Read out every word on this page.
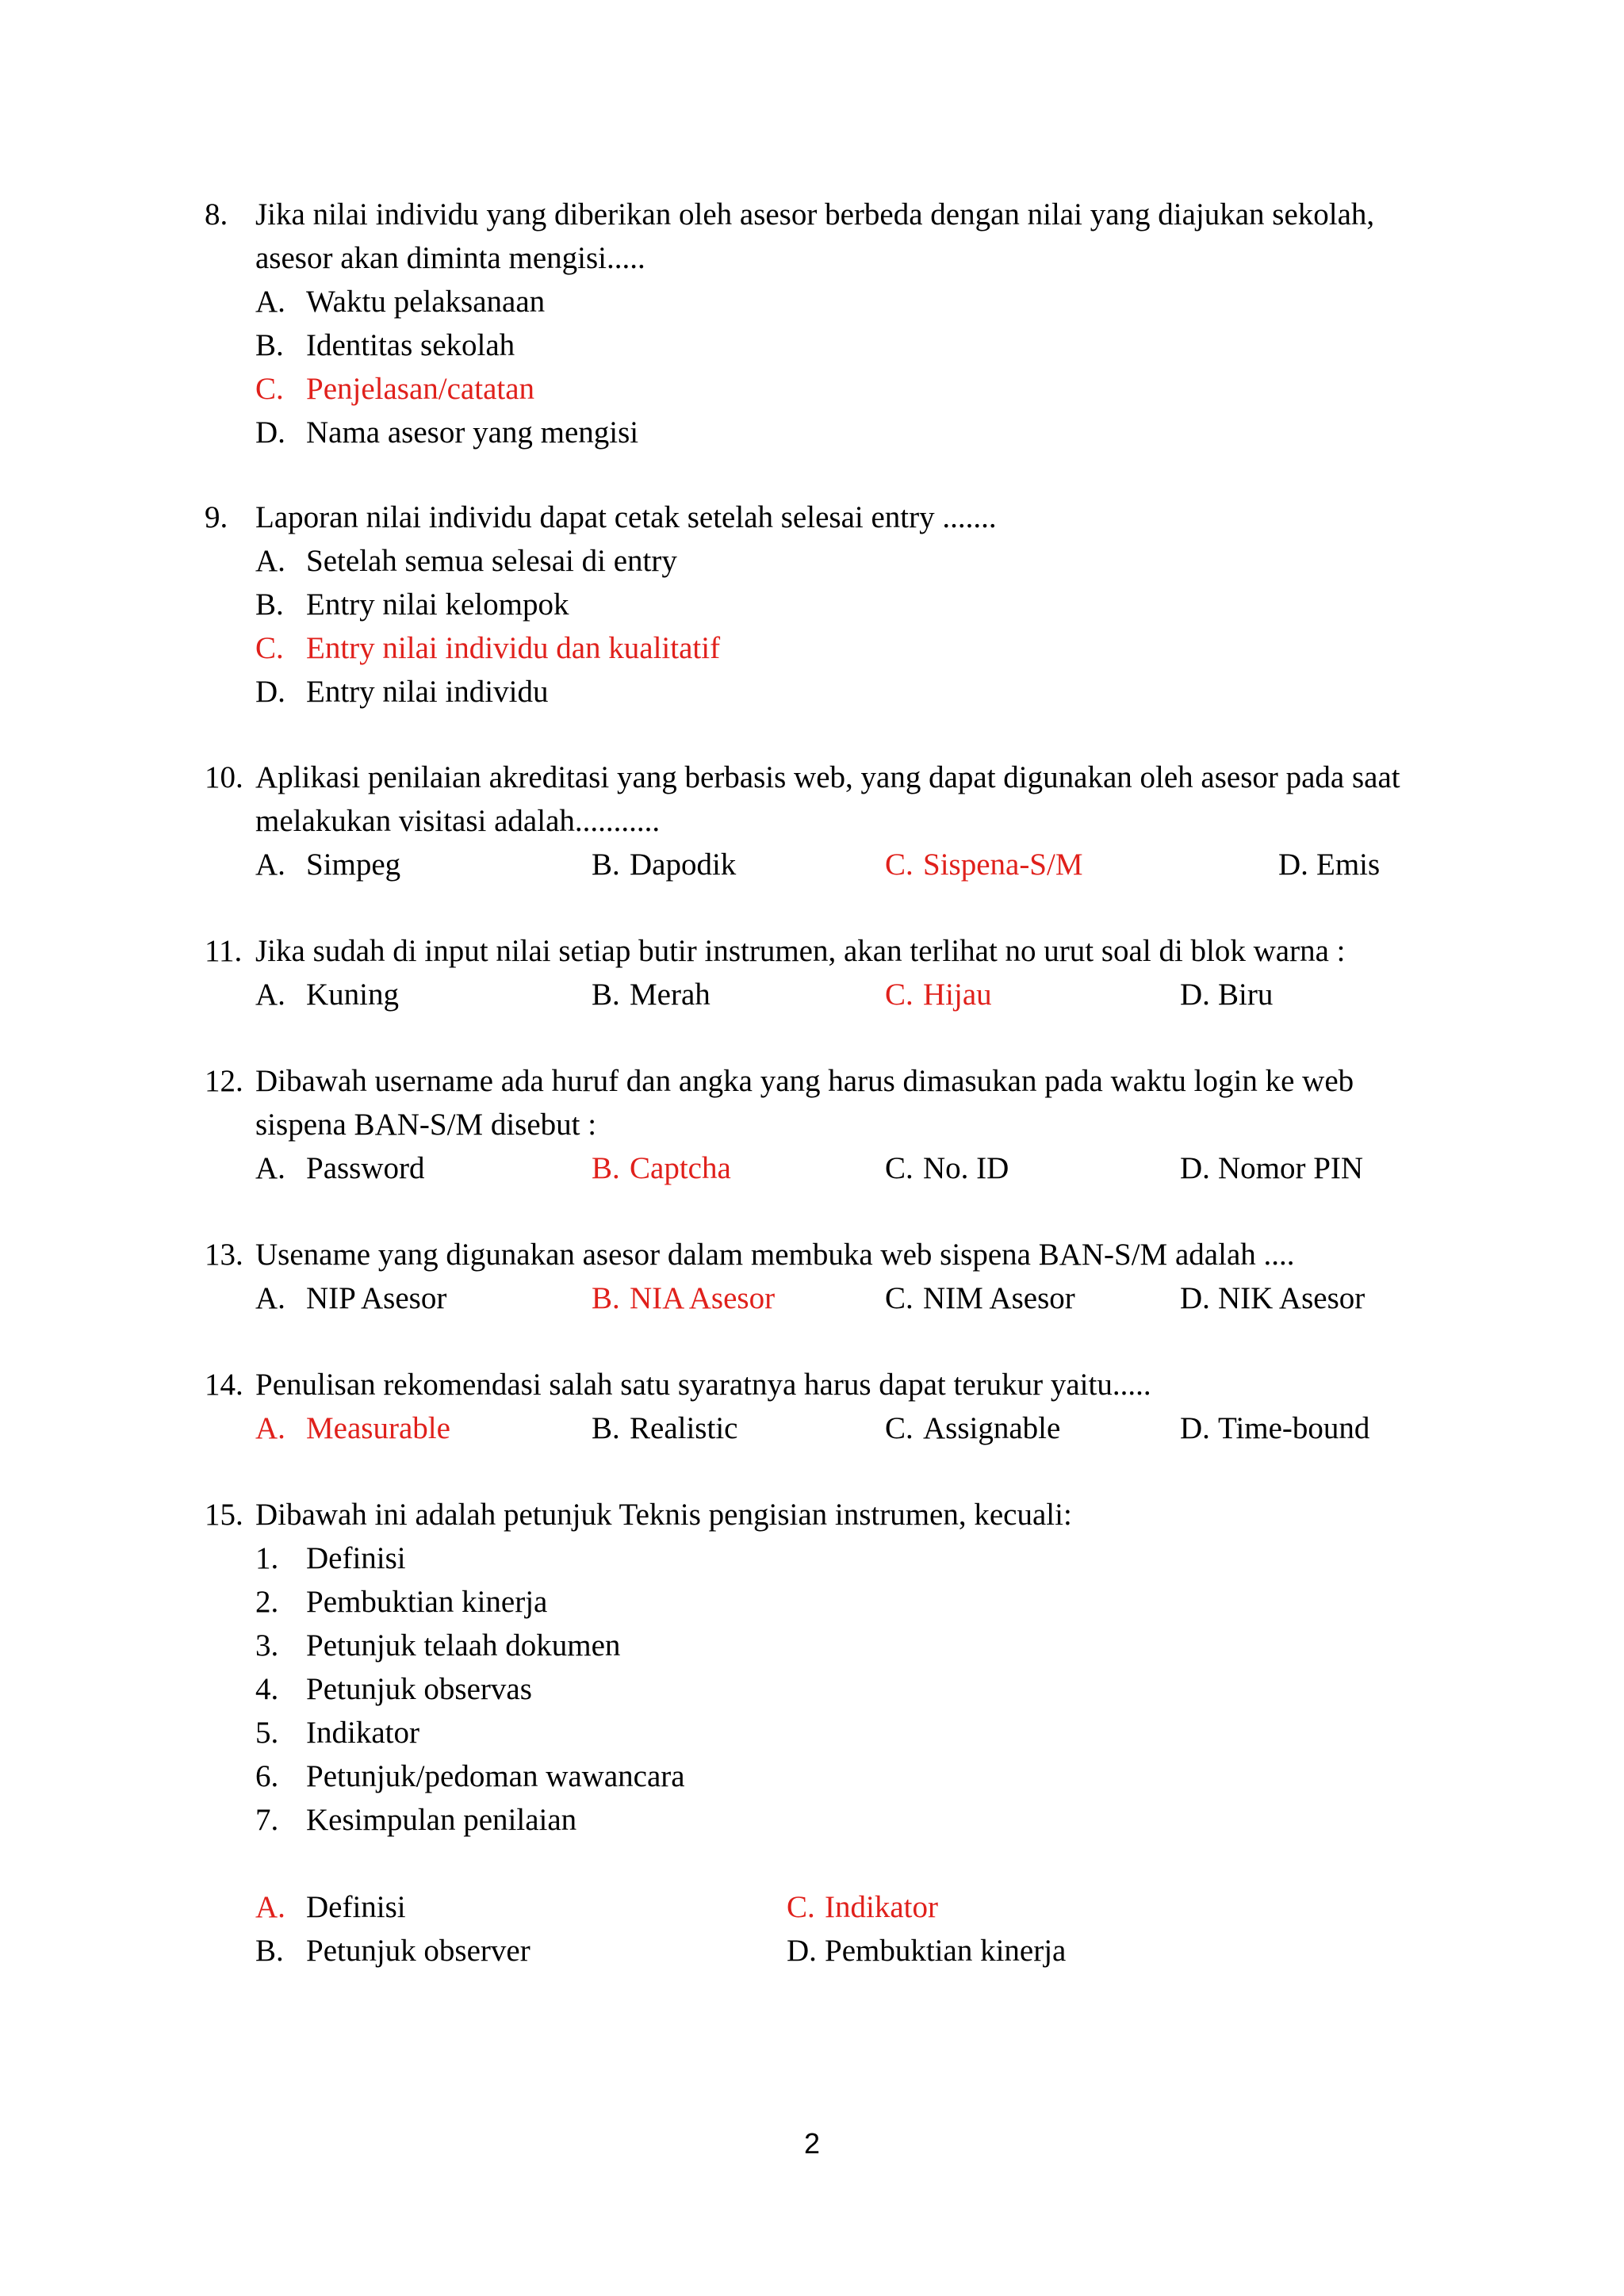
8. Jika nilai individu yang diberikan oleh asesor berbeda dengan nilai yang diajukan sekolah, asesor akan diminta mengisi.....
A. Waktu pelaksanaan
B. Identitas sekolah
C. Penjelasan/catatan
D. Nama asesor yang mengisi
9. Laporan nilai individu dapat cetak setelah selesai entry .......
A. Setelah semua selesai di entry
B. Entry nilai kelompok
C. Entry nilai individu dan kualitatif
D. Entry nilai individu
10. Aplikasi penilaian akreditasi yang berbasis web, yang dapat digunakan oleh asesor pada saat melakukan visitasi adalah...........
A. Simpeg	B. Dapodik	C. Sispena-S/M	D. Emis
11. Jika sudah di input nilai setiap butir instrumen, akan terlihat no urut soal di blok warna :
A. Kuning	B. Merah	C. Hijau	D. Biru
12. Dibawah username ada huruf dan angka yang harus dimasukan pada waktu login ke web sispena BAN-S/M disebut :
A. Password	B. Captcha	C. No. ID	D. Nomor PIN
13. Usename yang digunakan asesor dalam membuka web sispena BAN-S/M adalah ....
A. NIP Asesor	B. NIA Asesor	C. NIM Asesor	D. NIK Asesor
14. Penulisan rekomendasi salah satu syaratnya harus dapat terukur yaitu.....
A. Measurable	B. Realistic	C. Assignable	D. Time-bound
15. Dibawah ini adalah petunjuk Teknis pengisian instrumen, kecuali:
1. Definisi
2. Pembuktian kinerja
3. Petunjuk telaah dokumen
4. Petunjuk observas
5. Indikator
6. Petunjuk/pedoman wawancara
7. Kesimpulan penilaian
A. Definisi	C. Indikator
B. Petunjuk observer	D. Pembuktian kinerja
2
